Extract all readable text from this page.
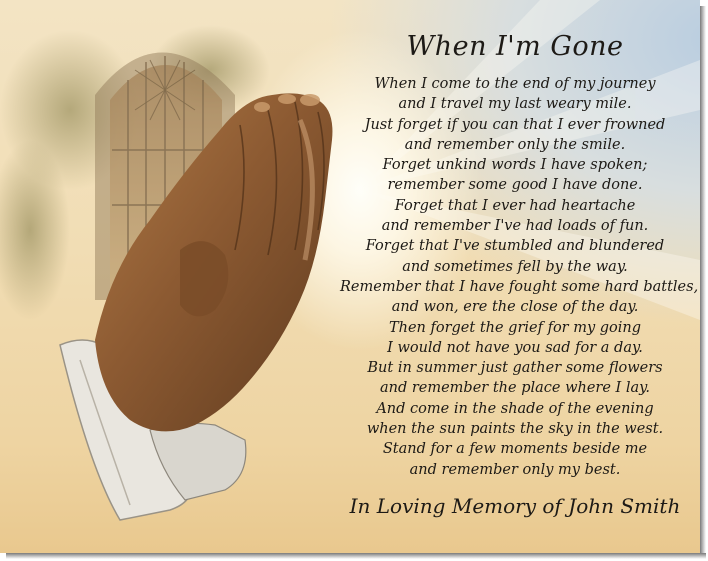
When I'm Gone
When I come to the end of my journey
and I travel my last weary mile.
Just forget if you can that I ever frowned
and remember only the smile.
Forget unkind words I have spoken;
remember some good I have done.
Forget that I ever had heartache
and remember I've had loads of fun.
Forget that I've stumbled and blundered
and sometimes fell by the way.
Remember that I have fought some hard battles,
and won, ere the close of the day.
Then forget the grief for my going
I would not have you sad for a day.
But in summer just gather some flowers
and remember the place where I lay.
And come in the shade of the evening
when the sun paints the sky in the west.
Stand for a few moments beside me
and remember only my best.
In Loving Memory of John Smith
